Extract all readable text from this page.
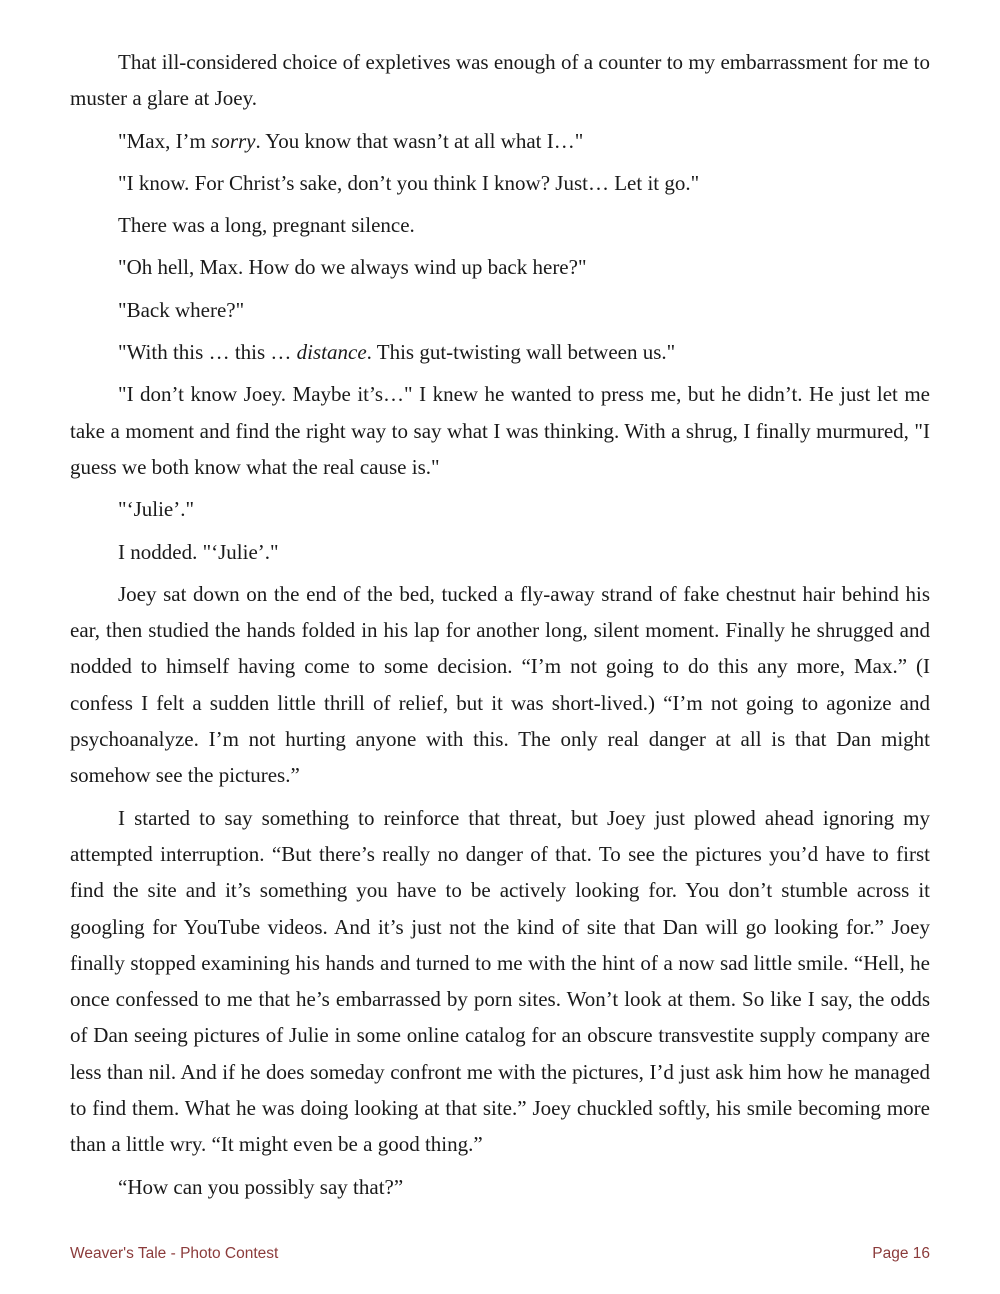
That ill-considered choice of expletives was enough of a counter to my embarrassment for me to muster a glare at Joey.

"Max, I’m sorry. You know that wasn’t at all what I…"

"I know. For Christ’s sake, don’t you think I know? Just… Let it go."

There was a long, pregnant silence.

"Oh hell, Max. How do we always wind up back here?"

"Back where?"

"With this … this … distance. This gut-twisting wall between us."

"I don’t know Joey. Maybe it’s…" I knew he wanted to press me, but he didn’t. He just let me take a moment and find the right way to say what I was thinking. With a shrug, I finally murmured, "I guess we both know what the real cause is."

"‘Julie’."

I nodded. "‘Julie’."

Joey sat down on the end of the bed, tucked a fly-away strand of fake chestnut hair behind his ear, then studied the hands folded in his lap for another long, silent moment. Finally he shrugged and nodded to himself having come to some decision. “I’m not going to do this any more, Max.” (I confess I felt a sudden little thrill of relief, but it was short-lived.) “I’m not going to agonize and psychoanalyze. I’m not hurting anyone with this. The only real danger at all is that Dan might somehow see the pictures.”

I started to say something to reinforce that threat, but Joey just plowed ahead ignoring my attempted interruption. “But there’s really no danger of that. To see the pictures you’d have to first find the site and it’s something you have to be actively looking for. You don’t stumble across it googling for YouTube videos. And it’s just not the kind of site that Dan will go looking for.” Joey finally stopped examining his hands and turned to me with the hint of a now sad little smile. “Hell, he once confessed to me that he’s embarrassed by porn sites. Won’t look at them. So like I say, the odds of Dan seeing pictures of Julie in some online catalog for an obscure transvestite supply company are less than nil. And if he does someday confront me with the pictures, I’d just ask him how he managed to find them. What he was doing looking at that site.” Joey chuckled softly, his smile becoming more than a little wry. “It might even be a good thing.”

“How can you possibly say that?”

Weaver's Tale - Photo Contest	Page 16
